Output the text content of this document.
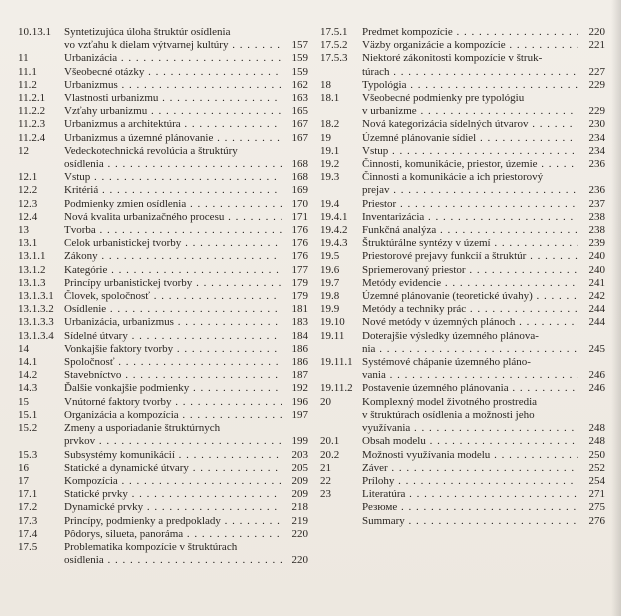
10.13.1	Syntetizujúca úloha štruktúr osídlenia
vo vzťahu k dielam výtvarnej kultúry . . .	157
11	Urbanizácia . . .	159
11.1	Všeobecné otázky . . .	159
11.2	Urbanizmus . . .	162
11.2.1	Vlastnosti urbanizmu . . .	163
11.2.2	Vzťahy urbanizmu . . .	165
11.2.3	Urbanizmus a architektúra . . .	167
11.2.4	Urbanizmus a územné plánovanie . . .	167
12	Vedeckotechnická revolúcia a štruktúry
osídlenia . . .	168
12.1	Vstup . . .	168
12.2	Kritériá . . .	169
12.3	Podmienky zmien osídlenia . . .	170
12.4	Nová kvalita urbanizačného procesu . . .	171
13	Tvorba . . .	176
13.1	Celok urbanistickej tvorby . . .	176
13.1.1	Zákony . . .	176
13.1.2	Kategórie . . .	177
13.1.3	Princípy urbanistickej tvorby . . .	179
13.1.3.1 Človek, spoločnosť . . .	179
13.1.3.2 Osídlenie . . .	181
13.1.3.3 Urbanizácia, urbanizmus . . .	183
13.1.3.4 Sídelné útvary . . .	184
14	Vonkajšie faktory tvorby . . .	186
14.1	Spoločnosť . . .	186
14.2	Stavebníctvo . . .	187
14.3	Ďalšie vonkajšie podmienky . . .	192
15	Vnútorné faktory tvorby . . .	196
15.1	Organizácia a kompozícia . . .	197
15.2	Zmeny a usporiadanie štruktúrnych
prvkov . . .	199
15.3	Subsystémy komunikácií . . .	203
16	Statické a dynamické útvary . . .	205
17	Kompozícia . . .	209
17.1	Statické prvky . . .	209
17.2	Dynamické prvky . . .	218
17.3	Princípy, podmienky a predpoklady . . .	219
17.4	Pôdorys, silueta, panoráma . . .	220
17.5	Problematika kompozície v štruktúrach
osídlenia . . .	220
17.5.1	Predmet kompozície . . .	220
17.5.2	Väzby organizácie a kompozície . . .	221
17.5.3	Niektoré zákonitosti kompozície v štruk-
túrach . . .	227
18	Typológia . . .	229
18.1	Všeobecné podmienky pre typológiu
v urbanizme . . .	229
18.2	Nová kategorizácia sídelných útvarov . . .	230
19	Územné plánovanie sídiel . . .	234
19.1	Vstup . . .	234
19.2	Činnosti, komunikácie, priestor, územie . . .	236
19.3	Činnosti a komunikácie a ich priestorový
prejav . . .	236
19.4	Priestor . . .	237
19.4.1	Inventarizácia . . .	238
19.4.2	Funkčná analýza . . .	238
19.4.3	Štruktúrálne syntézy v území . . .	239
19.5	Priestorové prejavy funkcií a štruktúr . . .	240
19.6	Spriemerovaný priestor . . .	240
19.7	Metódy evidencie . . .	241
19.8	Územné plánovanie (teoretické úvahy) . . .	242
19.9	Metódy a techniky prác . . .	244
19.10	Nové metódy v územných plánoch . . .	244
19.11	Doterajšie výsledky územného plánova-
nia . . .	245
19.11.1 Systémové chápanie územného pláno-
vania . . .	246
19.11.2 Postavenie územného plánovania . . .	246
20	Komplexný model životného prostredia
v štruktúrach osídlenia a možnosti jeho
využívania . . .	248
20.1	Obsah modelu . . .	248
20.2	Možnosti využívania modelu . . .	250
21	Záver . . .	252
22	Prílohy . . .	254
23	Literatúra . . .	271
Резюме . . .	275
Summary . . .	276
